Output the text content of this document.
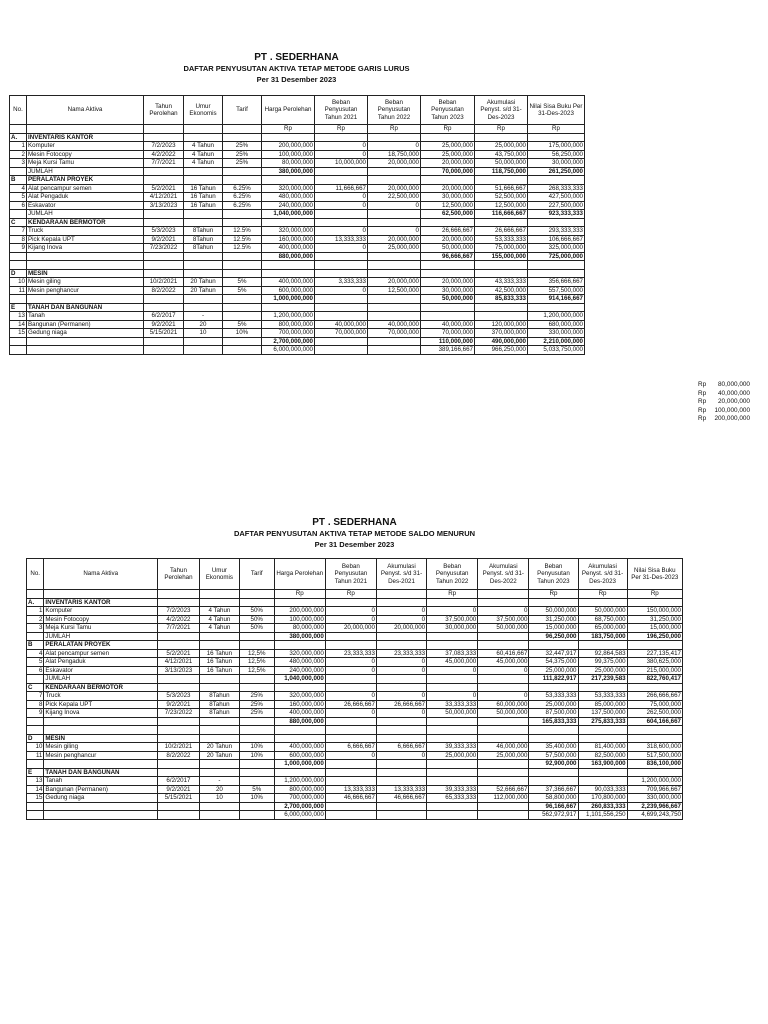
PT . SEDERHANA
DAFTAR PENYUSUTAN AKTIVA TETAP METODE GARIS LURUS
Per 31 Desember 2023
No.	Nama Aktiva	Tahun Perolehan	Umur Ekonomis	Tarif	Harga Perolehan	Beban Penyusutan Tahun 2021	Beban Penyusutan Tahun 2022	Beban Penyusutan Tahun 2023	Akumulasi Penyst. s/d 31-Des-2023	Nilai Sisa Buku Per 31-Des-2023
					Rp	Rp	Rp	Rp	Rp	Rp
A.	INVENTARIS KANTOR									
1	Komputer	7/2/2023	4 Tahun	25%	200,000,000	0	0	25,000,000	25,000,000	175,000,000
2	Mesin Fotocopy	4/2/2022	4 Tahun	25%	100,000,000	0	18,750,000	25,000,000	43,750,000	56,250,000
3	Meja Kursi Tamu	7/7/2021	4 Tahun	25%	80,000,000	10,000,000	20,000,000	20,000,000	50,000,000	30,000,000
	JUMLAH				380,000,000			70,000,000	118,750,000	261,250,000
B	PERALATAN PROYEK									
4	Alat pencampur semen	5/2/2021	16 Tahun	6.25%	320,000,000	11,666,667	20,000,000	20,000,000	51,666,667	268,333,333
5	Alat Pengaduk	4/12/2021	16 Tahun	6.25%	480,000,000	0	22,500,000	30,000,000	52,500,000	427,500,000
6	Eskavator	3/13/2023	16 Tahun	6.25%	240,000,000	0	0	12,500,000	12,500,000	227,500,000
	JUMLAH				1,040,000,000			62,500,000	116,666,667	923,333,333
C	KENDARAAN BERMOTOR									
7	Truck	5/3/2023	8Tahun	12.5%	320,000,000	0	0	26,666,667	26,666,667	293,333,333
8	Pick Kepala UPT	9/2/2021	8Tahun	12.5%	160,000,000	13,333,333	20,000,000	20,000,000	53,333,333	106,666,667
9	Kijang Inova	7/23/2022	8Tahun	12.5%	400,000,000	0	25,000,000	50,000,000	75,000,000	325,000,000
					880,000,000			96,666,667	155,000,000	725,000,000

D	MESIN									
10	Mesin giling	10/2/2021	20 Tahun	5%	400,000,000	3,333,333	20,000,000	20,000,000	43,333,333	356,666,667
11	Mesin penghancur	8/2/2022	20 Tahun	5%	600,000,000	0	12,500,000	30,000,000	42,500,000	557,500,000
					1,000,000,000			50,000,000	85,833,333	914,166,667
E	TANAH DAN BANGUNAN									
13	Tanah	6/2/2017	-		1,200,000,000					1,200,000,000
14	Bangunan (Permanen)	9/2/2021	20	5%	800,000,000	40,000,000	40,000,000	40,000,000	120,000,000	680,000,000
15	Gedung niaga	5/15/2021	10	10%	700,000,000	70,000,000	70,000,000	70,000,000	370,000,000	330,000,000
					2,700,000,000			110,000,000	490,000,000	2,210,000,000
					6,000,000,000			389,166,667	966,250,000	5,033,750,000
Rp 80,000,000
Rp 40,000,000
Rp 20,000,000
Rp 100,000,000
Rp 200,000,000
PT . SEDERHANA
DAFTAR PENYUSUTAN AKTIVA TETAP METODE SALDO MENURUN
Per 31 Desember 2023
No.	Nama Aktiva	Tahun Perolehan	Umur Ekonomis	Tarif	Harga Perolehan	Beban Penyusutan Tahun 2021	Akumulasi Penyst. s/d 31-Des-2021	Beban Penyusutan Tahun 2022	Akumulasi Penyst. s/d 31-Des-2022	Beban Penyusutan Tahun 2023	Akumulasi Penyst. s/d 31-Des-2023	Nilai Sisa Buku Per 31-Des-2023
					Rp	Rp		Rp		Rp	Rp	Rp
A.	INVENTARIS KANTOR											
1	Komputer	7/2/2023	4 Tahun	50%	200,000,000	0	0	0	0	50,000,000	50,000,000	150,000,000
2	Mesin Fotocopy	4/2/2022	4 Tahun	50%	100,000,000	0	0	37,500,000	37,500,000	31,250,000	68,750,000	31,250,000
3	Meja Kursi Tamu	7/7/2021	4 Tahun	50%	80,000,000	20,000,000	20,000,000	30,000,000	50,000,000	15,000,000	65,000,000	15,000,000
	JUMLAH				380,000,000					96,250,000	183,750,000	196,250,000
B	PERALATAN PROYEK											
4	Alat pencampur semen	5/2/2021	16 Tahun	12,5%	320,000,000	23,333,333	23,333,333	37,083,333	60,416,667	32,447,917	92,864,583	227,135,417
5	Alat Pengaduk	4/12/2021	16 Tahun	12,5%	480,000,000	0	0	45,000,000	45,000,000	54,375,000	99,375,000	380,625,000
6	Eskavator	3/13/2023	16 Tahun	12,5%	240,000,000	0	0	0	0	25,000,000	25,000,000	215,000,000
	JUMLAH				1,040,000,000					111,822,917	217,239,583	822,760,417
C	KENDARAAN BERMOTOR											
7	Truck	5/3/2023	8Tahun	25%	320,000,000	0	0	0	0	53,333,333	53,333,333	266,666,667
8	Pick Kepala UPT	9/2/2021	8Tahun	25%	160,000,000	26,666,667	26,666,667	33,333,333	60,000,000	25,000,000	85,000,000	75,000,000
9	Kijang Inova	7/23/2022	8Tahun	25%	400,000,000	0	0	50,000,000	50,000,000	87,500,000	137,500,000	262,500,000
					880,000,000					165,833,333	275,833,333	604,166,667

D	MESIN											
10	Mesin giling	10/2/2021	20 Tahun	10%	400,000,000	6,666,667	6,666,667	39,333,333	46,000,000	35,400,000	81,400,000	318,600,000
11	Mesin penghancur	8/2/2022	20 Tahun	10%	600,000,000	0	0	25,000,000	25,000,000	57,500,000	82,500,000	517,500,000
					1,000,000,000					92,900,000	163,900,000	836,100,000
E	TANAH DAN BANGUNAN											
13	Tanah	6/2/2017	-		1,200,000,000							1,200,000,000
14	Bangunan (Permanen)	9/2/2021	20	5%	800,000,000	13,333,333	13,333,333	39,333,333	52,666,667	37,366,667	90,033,333	709,966,667
15	Gedung niaga	5/15/2021	10	10%	700,000,000	46,666,667	46,666,667	65,333,333	112,000,000	58,800,000	170,800,000	330,000,000
					2,700,000,000					96,166,667	260,833,333	2,239,966,667
					6,000,000,000					562,972,917	1,101,556,250	4,699,243,750
